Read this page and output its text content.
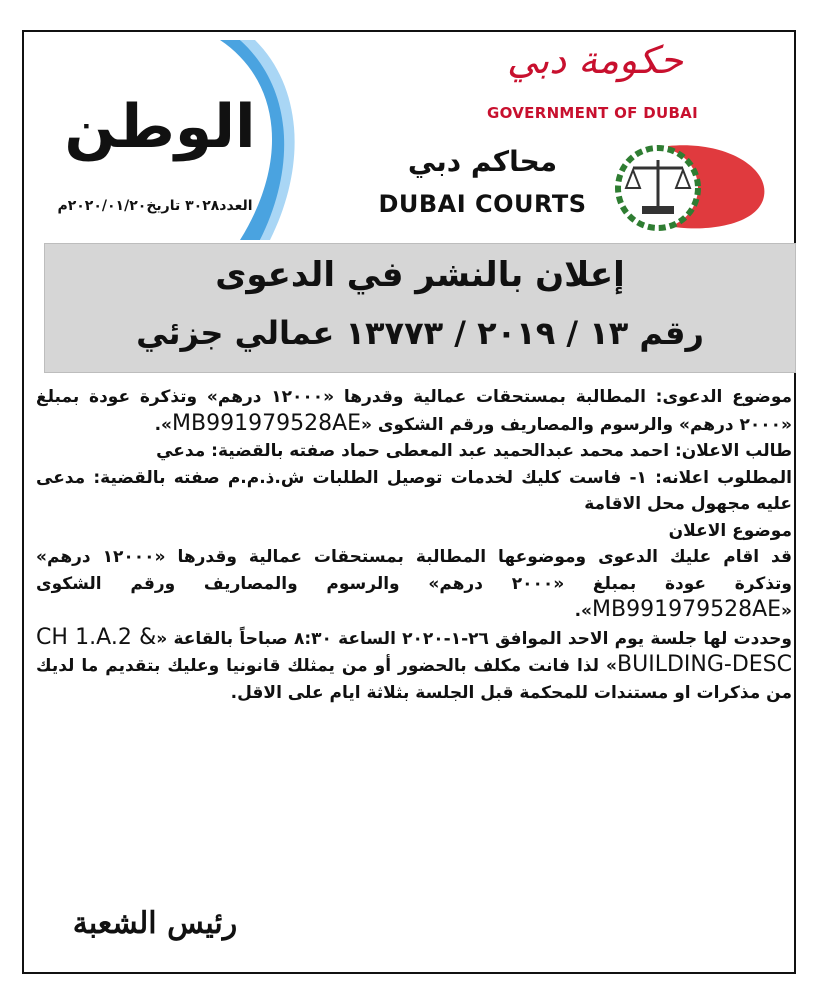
الوطن
العدد٣٠٢٨ تاريخ٢٠٢٠/٠١/٢٠م
حكومة دبي
GOVERNMENT OF DUBAI
محاكم دبي
DUBAI COURTS
إعلان بالنشر في الدعوى
رقم ١٣ / ٢٠١٩ / ١٣٧٧٣ عمالي جزئي

موضوع الدعوى: المطالبة بمستحقات عمالية وقدرها «١٢٠٠٠ درهم» وتذكرة عودة بمبلغ «٢٠٠٠ درهم» والرسوم والمصاريف ورقم الشكوى «MB991979528AE».

طالب الاعلان: احمد محمد عبدالحميد عبد المعطى حماد صفته بالقضية: مدعي

المطلوب اعلانه: ١- فاست كليك لخدمات توصيل الطلبات ش.ذ.م.م صفته بالقضية: مدعى عليه مجهول محل الاقامة

موضوع الاعلان

قد اقام عليك الدعوى وموضوعها المطالبة بمستحقات عمالية وقدرها «١٢٠٠٠ درهم» وتذكرة عودة بمبلغ «٢٠٠٠ درهم» والرسوم والمصاريف ورقم الشكوى «MB991979528AE».

وحددت لها جلسة يوم الاحد الموافق ٢٦-١-٢٠٢٠ الساعة ٨:٣٠ صباحاً بالقاعة «CH 1.A.2 & BUILDING-DESC» لذا فانت مكلف بالحضور أو من يمثلك قانونيا وعليك بتقديم ما لديك من مذكرات او مستندات للمحكمة قبل الجلسة بثلاثة ايام على الاقل.

رئيس الشعبة
